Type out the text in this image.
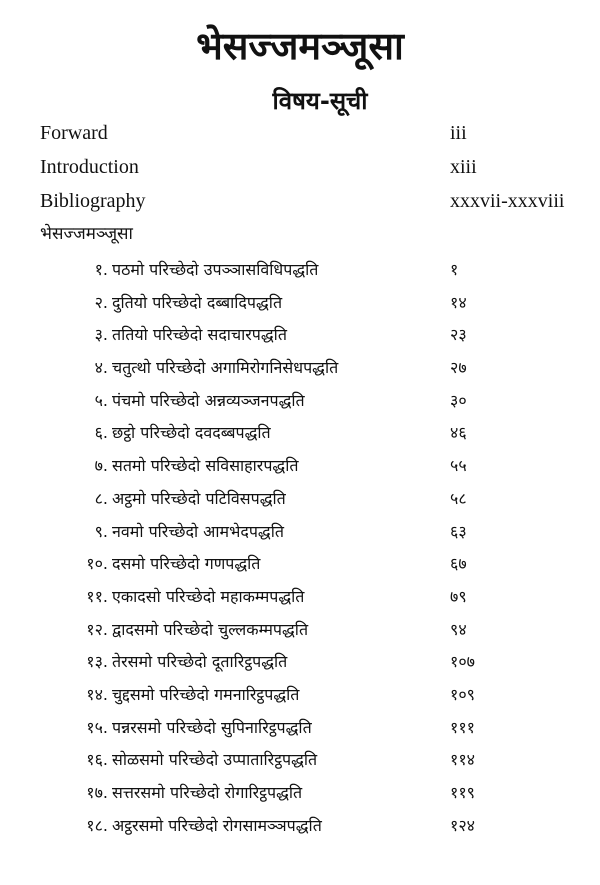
भेसज्जमञ्जूसा
विषय-सूची
Forward	iii
Introduction	xiii
Bibliography	xxxvii-xxxviii
भेसज्जमञ्जूसा
१. पठमो परिच्छेदो उपञ्ञासविधिपद्धति	१
२. दुतियो परिच्छेदो दब्बादिपद्धति	१४
३. ततियो परिच्छेदो सदाचारपद्धति	२३
४. चतुत्थो परिच्छेदो अगामिरोगनिसेधपद्धति	२७
५. पंचमो परिच्छेदो अन्नव्यञ्जनपद्धति	३०
६. छट्ठो परिच्छेदो दवदब्बपद्धति	४६
७. सतमो परिच्छेदो सविसाहारपद्धति	५५
८. अट्ठमो परिच्छेदो पटिविसपद्धति	५८
९. नवमो परिच्छेदो आमभेदपद्धति	६३
१०. दसमो परिच्छेदो गणपद्धति	६७
११. एकादसो परिच्छेदो महाकम्मपद्धति	७९
१२. द्वादसमो परिच्छेदो चुल्लकम्मपद्धति	९४
१३. तेरसमो परिच्छेदो दूतारिट्ठपद्धति	१०७
१४. चुद्दसमो परिच्छेदो गमनारिट्ठपद्धति	१०९
१५. पन्नरसमो परिच्छेदो सुपिनारिट्ठपद्धति	१११
१६. सोळसमो परिच्छेदो उप्पातारिट्ठपद्धति	११४
१७. सत्तरसमो परिच्छेदो रोगारिट्ठपद्धति	११९
१८. अट्ठरसमो परिच्छेदो रोगसामञ्ञपद्धति	१२४
